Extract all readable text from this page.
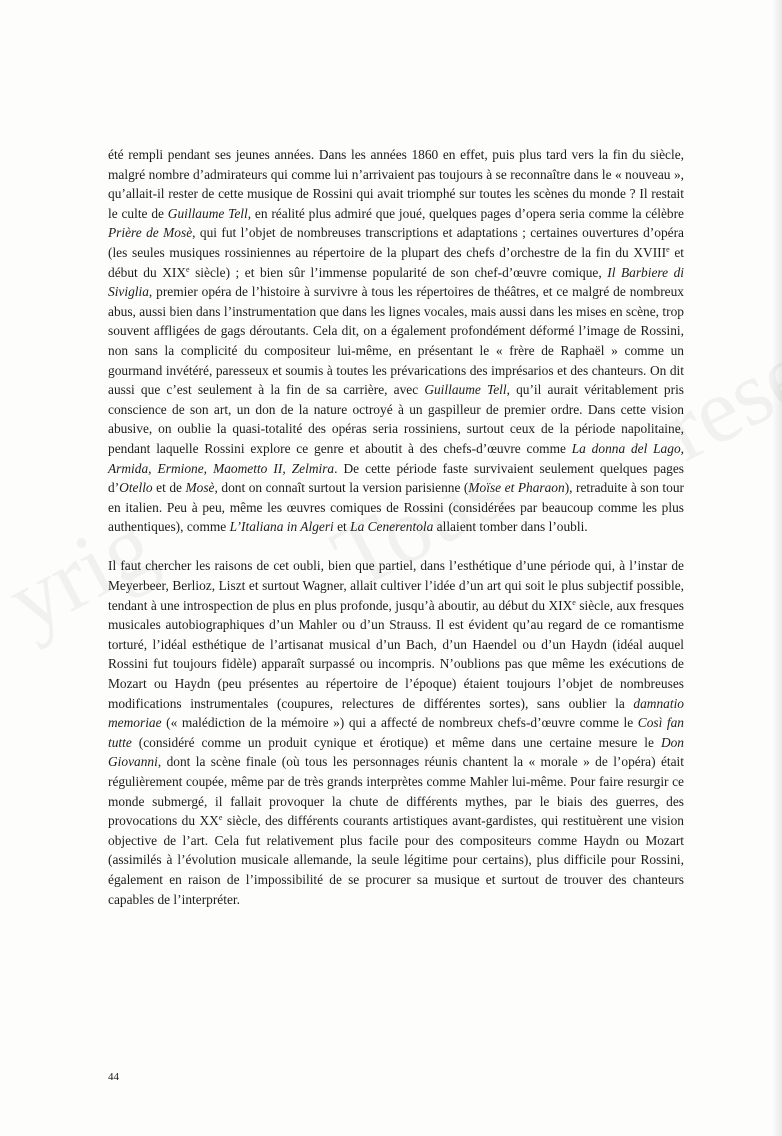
été rempli pendant ses jeunes années. Dans les années 1860 en effet, puis plus tard vers la fin du siècle, malgré nombre d’admirateurs qui comme lui n’arrivaient pas toujours à se reconnaître dans le « nouveau », qu’allait-il rester de cette musique de Rossini qui avait triomphé sur toutes les scènes du monde ? Il restait le culte de Guillaume Tell, en réalité plus admiré que joué, quelques pages d’opera seria comme la célèbre Prière de Mosè, qui fut l’objet de nombreuses transcriptions et adaptations ; certaines ouvertures d’opéra (les seules musiques rossiniennes au répertoire de la plupart des chefs d’orchestre de la fin du XVIIIe et début du XIXe siècle) ; et bien sûr l’immense popularité de son chef-d’œuvre comique, Il Barbiere di Siviglia, premier opéra de l’histoire à survivre à tous les répertoires de théâtres, et ce malgré de nombreux abus, aussi bien dans l’instrumentation que dans les lignes vocales, mais aussi dans les mises en scène, trop souvent affligées de gags déroutants. Cela dit, on a également profondément déformé l’image de Rossini, non sans la complicité du compositeur lui-même, en présentant le « frère de Raphaël » comme un gourmand invétéré, paresseux et soumis à toutes les prévarications des imprésarios et des chanteurs. On dit aussi que c’est seulement à la fin de sa carrière, avec Guillaume Tell, qu’il aurait véritablement pris conscience de son art, un don de la nature octroyé à un gaspilleur de premier ordre. Dans cette vision abusive, on oublie la quasi-totalité des opéras seria rossiniens, surtout ceux de la période napolitaine, pendant laquelle Rossini explore ce genre et aboutit à des chefs-d’œuvre comme La donna del Lago, Armida, Ermione, Maometto II, Zelmira. De cette période faste survivaient seulement quelques pages d’Otello et de Mosè, dont on connaît surtout la version parisienne (Moïse et Pharaon), retraduite à son tour en italien. Peu à peu, même les œuvres comiques de Rossini (considérées par beaucoup comme les plus authentiques), comme L’Italiana in Algeri et La Cenerentola allaient tomber dans l’oubli.

Il faut chercher les raisons de cet oubli, bien que partiel, dans l’esthétique d’une période qui, à l’instar de Meyerbeer, Berlioz, Liszt et surtout Wagner, allait cultiver l’idée d’un art qui soit le plus subjectif possible, tendant à une introspection de plus en plus profonde, jusqu’à aboutir, au début du XIXe siècle, aux fresques musicales autobiographiques d’un Mahler ou d’un Strauss. Il est évident qu’au regard de ce romantisme torturé, l’idéal esthétique de l’artisanat musical d’un Bach, d’un Haendel ou d’un Haydn (idéal auquel Rossini fut toujours fidèle) apparaît surpassé ou incompris. N’oublions pas que même les exécutions de Mozart ou Haydn (peu présentes au répertoire de l’époque) étaient toujours l’objet de nombreuses modifications instrumentales (coupures, relectures de différentes sortes), sans oublier la damnatio memoriae (« malédiction de la mémoire ») qui a affecté de nombreux chefs-d’œuvre comme le Così fan tutte (considéré comme un produit cynique et érotique) et même dans une certaine mesure le Don Giovanni, dont la scène finale (où tous les personnages réunis chantent la « morale » de l’opéra) était régulièrement coupée, même par de très grands interprètes comme Mahler lui-même. Pour faire resurgir ce monde submergé, il fallait provoquer la chute de différents mythes, par le biais des guerres, des provocations du XXe siècle, des différents courants artistiques avant-gardistes, qui restituèrent une vision objective de l’art. Cela fut relativement plus facile pour des compositeurs comme Haydn ou Mozart (assimilés à l’évolution musicale allemande, la seule légitime pour certains), plus difficile pour Rossini, également en raison de l’impossibilité de se procurer sa musique et surtout de trouver des chanteurs capables de l’interpréter.

44
